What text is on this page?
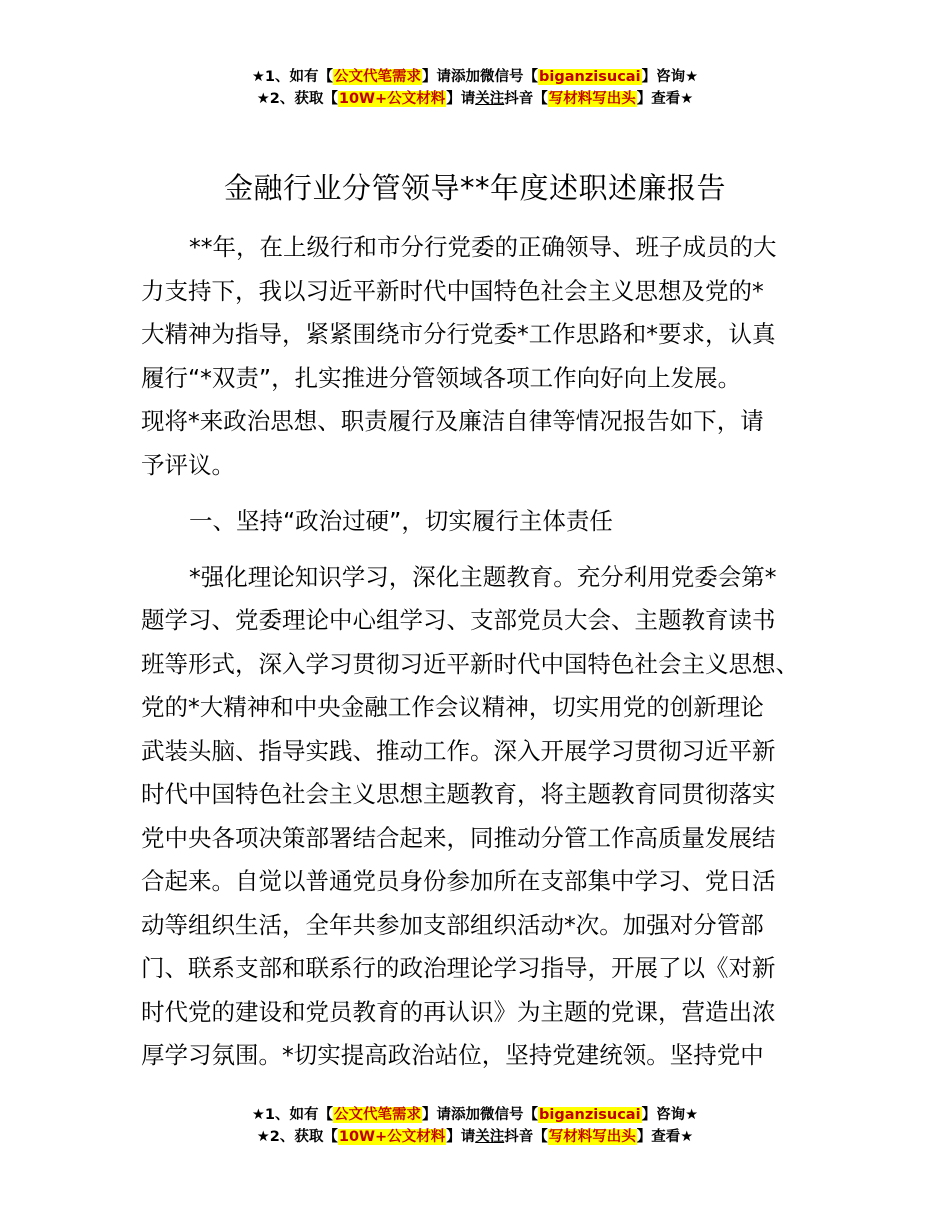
★1、如有【公文代笔需求】请添加微信号【biganzisucai】咨询★
★2、获取【10W+公文材料】请关注抖音【写材料写出头】查看★
金融行业分管领导**年度述职述廉报告

**年，在上级行和市分行党委的正确领导、班子成员的大
力支持下，我以习近平新时代中国特色社会主义思想及党的*
大精神为指导，紧紧围绕市分行党委*工作思路和*要求，认真
履行“*双责”，扎实推进分管领域各项工作向好向上发展。
现将*来政治思想、职责履行及廉洁自律等情况报告如下，请
予评议。

一、坚持“政治过硬”，切实履行主体责任

*强化理论知识学习，深化主题教育。充分利用党委会第*
题学习、党委理论中心组学习、支部党员大会、主题教育读书
班等形式，深入学习贯彻习近平新时代中国特色社会主义思想、
党的*大精神和中央金融工作会议精神，切实用党的创新理论
武装头脑、指导实践、推动工作。深入开展学习贯彻习近平新
时代中国特色社会主义思想主题教育，将主题教育同贯彻落实
党中央各项决策部署结合起来，同推动分管工作高质量发展结
合起来。自觉以普通党员身份参加所在支部集中学习、党日活
动等组织生活，全年共参加支部组织活动*次。加强对分管部
门、联系支部和联系行的政治理论学习指导，开展了以《对新
时代党的建设和党员教育的再认识》为主题的党课，营造出浓
厚学习氛围。*切实提高政治站位，坚持党建统领。坚持党中

★1、如有【公文代笔需求】请添加微信号【biganzisucai】咨询★
★2、获取【10W+公文材料】请关注抖音【写材料写出头】查看★
